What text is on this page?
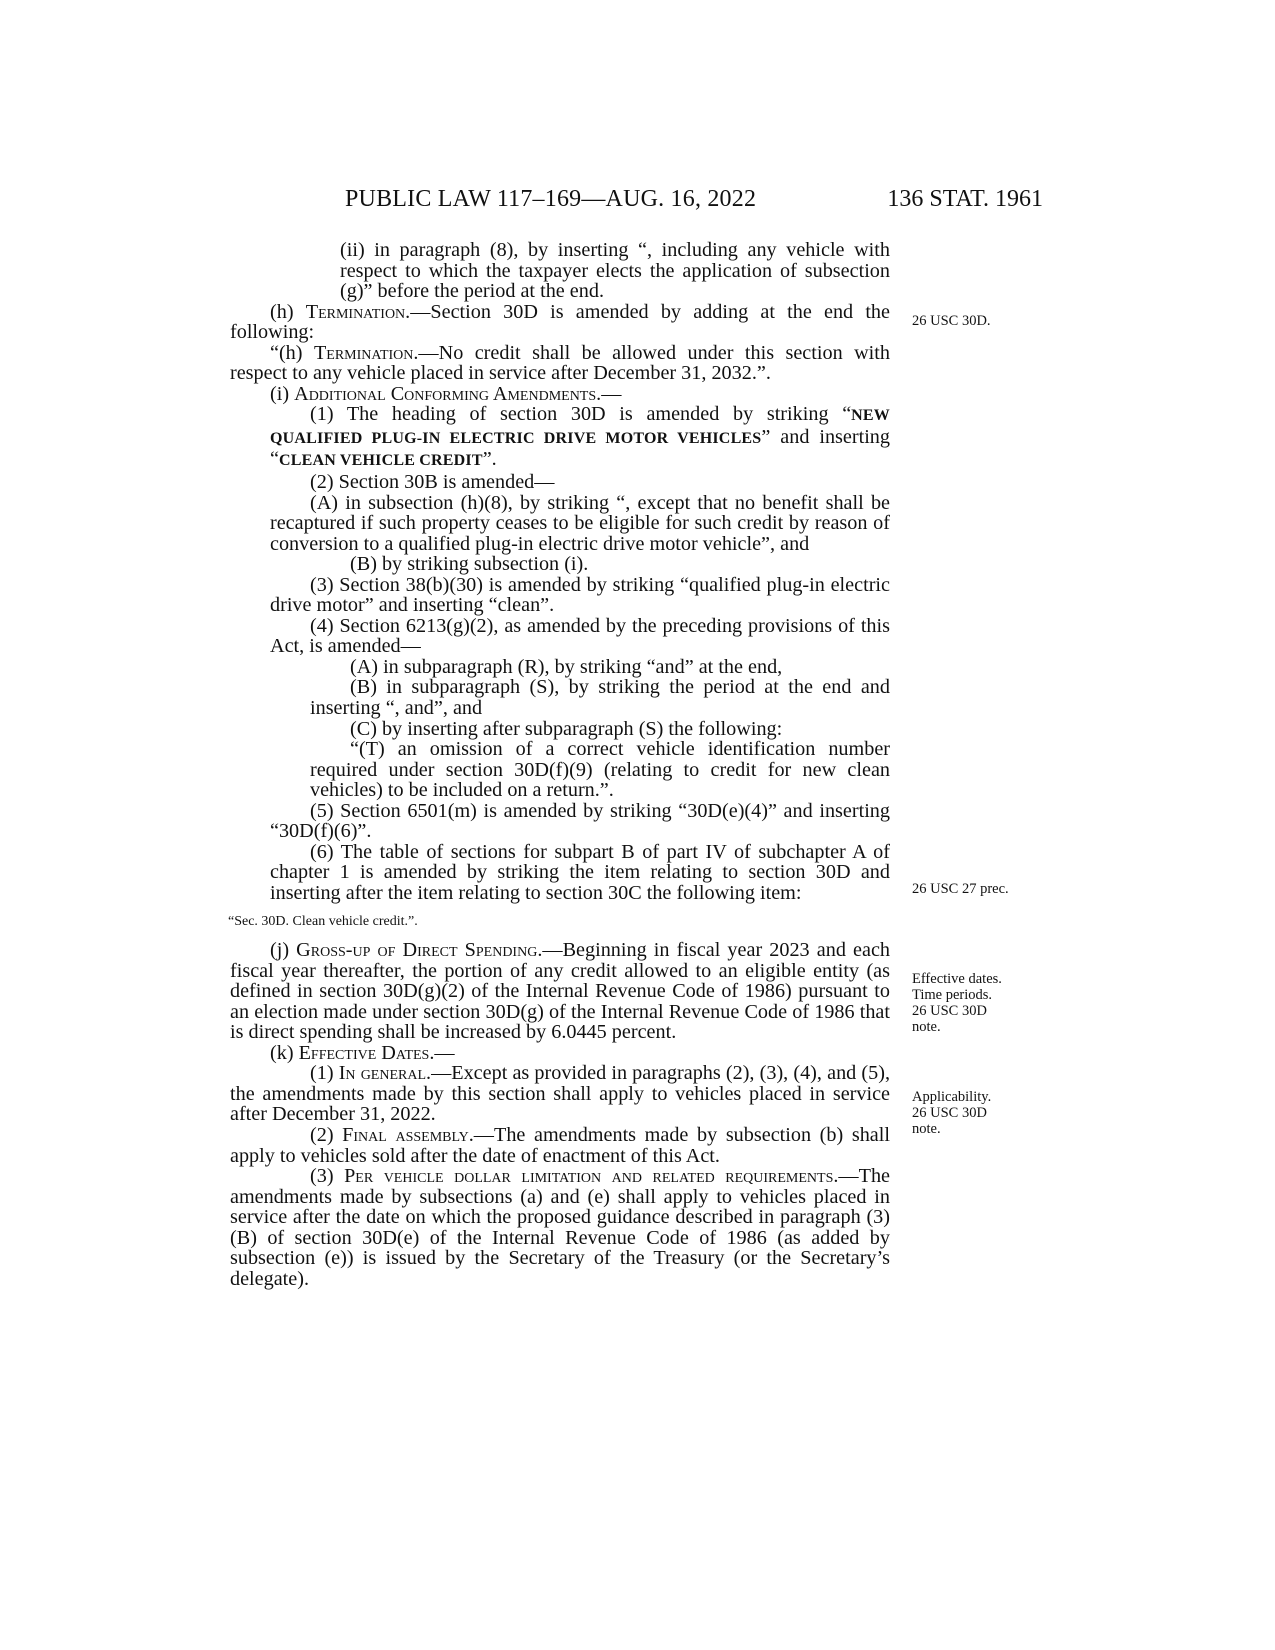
PUBLIC LAW 117–169—AUG. 16, 2022	136 STAT. 1961

(ii) in paragraph (8), by inserting “, including any vehicle with respect to which the taxpayer elects the application of subsection (g)” before the period at the end.

(h) Termination.—Section 30D is amended by adding at the end the following:

“(h) Termination.—No credit shall be allowed under this section with respect to any vehicle placed in service after December 31, 2032.”.

(i) Additional Conforming Amendments.—

(1) The heading of section 30D is amended by striking “NEW QUALIFIED PLUG-IN ELECTRIC DRIVE MOTOR VEHICLES” and inserting “CLEAN VEHICLE CREDIT”.

(2) Section 30B is amended—

(A) in subsection (h)(8), by striking “, except that no benefit shall be recaptured if such property ceases to be eligible for such credit by reason of conversion to a qualified plug-in electric drive motor vehicle”, and

(B) by striking subsection (i).

(3) Section 38(b)(30) is amended by striking “qualified plug-in electric drive motor” and inserting “clean”.

(4) Section 6213(g)(2), as amended by the preceding provisions of this Act, is amended—

(A) in subparagraph (R), by striking “and” at the end,

(B) in subparagraph (S), by striking the period at the end and inserting “, and”, and

(C) by inserting after subparagraph (S) the following:

“(T) an omission of a correct vehicle identification number required under section 30D(f)(9) (relating to credit for new clean vehicles) to be included on a return.”.

(5) Section 6501(m) is amended by striking “30D(e)(4)” and inserting “30D(f)(6)”.

(6) The table of sections for subpart B of part IV of subchapter A of chapter 1 is amended by striking the item relating to section 30D and inserting after the item relating to section 30C the following item:

“Sec. 30D. Clean vehicle credit.”.

(j) Gross-up of Direct Spending.—Beginning in fiscal year 2023 and each fiscal year thereafter, the portion of any credit allowed to an eligible entity (as defined in section 30D(g)(2) of the Internal Revenue Code of 1986) pursuant to an election made under section 30D(g) of the Internal Revenue Code of 1986 that is direct spending shall be increased by 6.0445 percent.

(k) Effective Dates.—

(1) In general.—Except as provided in paragraphs (2), (3), (4), and (5), the amendments made by this section shall apply to vehicles placed in service after December 31, 2022.

(2) Final assembly.—The amendments made by subsection (b) shall apply to vehicles sold after the date of enactment of this Act.

(3) Per vehicle dollar limitation and related requirements.—The amendments made by subsections (a) and (e) shall apply to vehicles placed in service after the date on which the proposed guidance described in paragraph (3)(B) of section 30D(e) of the Internal Revenue Code of 1986 (as added by subsection (e)) is issued by the Secretary of the Treasury (or the Secretary’s delegate).

26 USC 30D.
26 USC 27 prec.
Effective dates.
Time periods.
26 USC 30D
note.
Applicability.
26 USC 30D
note.
